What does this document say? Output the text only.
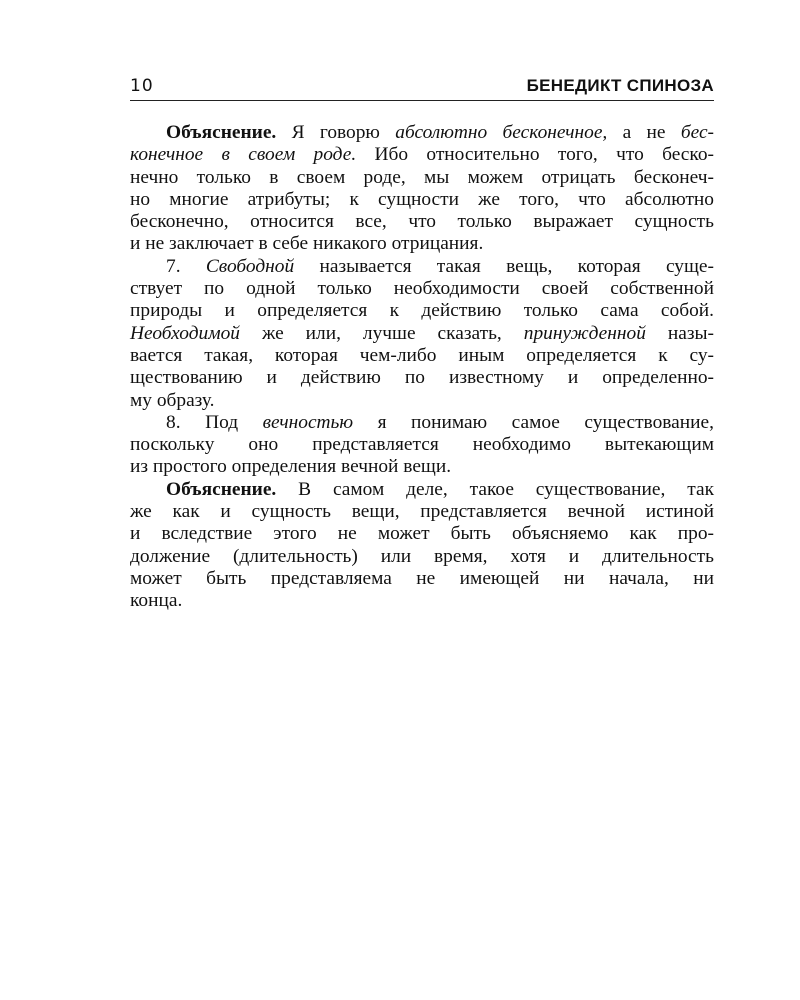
10	БЕНЕДИКТ СПИНОЗА
Объяснение. Я говорю абсолютно бесконечное, а не бес-
конечное в своем роде. Ибо относительно того, что беско-
нечно только в своем роде, мы можем отрицать бесконеч-
но многие атрибуты; к сущности же того, что абсолютно
бесконечно, относится все, что только выражает сущность
и не заключает в себе никакого отрицания.
7. Свободной называется такая вещь, которая суще-
ствует по одной только необходимости своей собственной
природы и определяется к действию только сама собой.
Необходимой же или, лучше сказать, принужденной назы-
вается такая, которая чем-либо иным определяется к су-
ществованию и действию по известному и определенно-
му образу.
8. Под вечностью я понимаю самое существование,
поскольку оно представляется необходимо вытекающим
из простого определения вечной вещи.
Объяснение. В самом деле, такое существование, так
же как и сущность вещи, представляется вечной истиной
и вследствие этого не может быть объясняемо как про-
должение (длительность) или время, хотя и длительность
может быть представляема не имеющей ни начала, ни
конца.
